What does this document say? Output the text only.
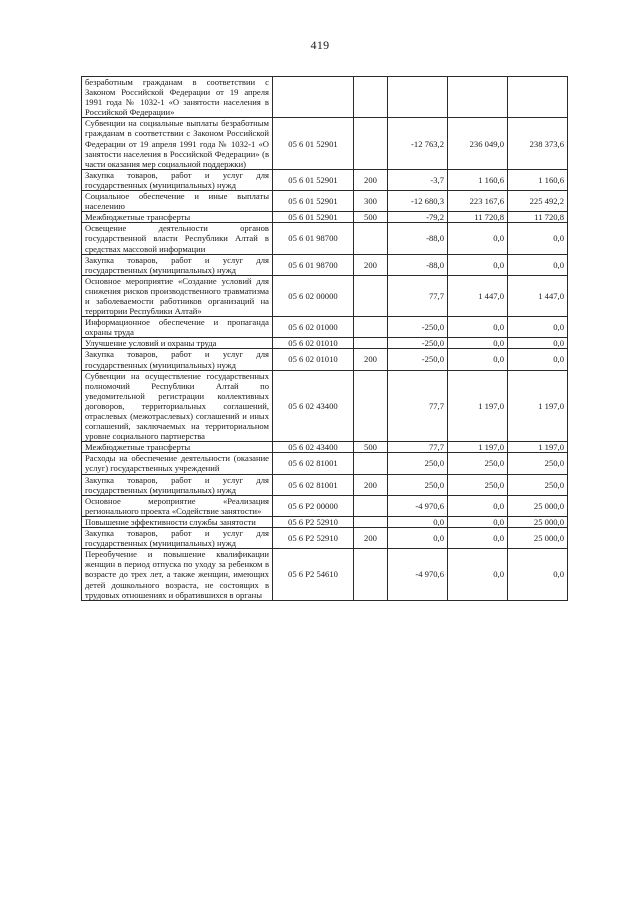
419
безработным гражданам в соответствии с Законом Российской Федерации от 19 апреля 1991 года № 1032-1 «О занятости населения в Российской Федерации»					
Субвенции на социальные выплаты безработным гражданам в соответствии с Законом Российской Федерации от 19 апреля 1991 года № 1032-1 «О занятости населения в Российской Федерации» (в части оказания мер социальной поддержки)	05 6 01 52901		-12 763,2	236 049,0	238 373,6
Закупка товаров, работ и услуг для государственных (муниципальных) нужд	05 6 01 52901	200	-3,7	1 160,6	1 160,6
Социальное обеспечение и иные выплаты населению	05 6 01 52901	300	-12 680,3	223 167,6	225 492,2
Межбюджетные трансферты	05 6 01 52901	500	-79,2	11 720,8	11 720,8
Освещение деятельности органов государственной власти Республики Алтай в средствах массовой информации	05 6 01 98700		-88,0	0,0	0,0
Закупка товаров, работ и услуг для государственных (муниципальных) нужд	05 6 01 98700	200	-88,0	0,0	0,0
Основное мероприятие «Создание условий для снижения рисков производственного травматизма и заболеваемости работников организаций на территории Республики Алтай»	05 6 02 00000		77,7	1 447,0	1 447,0
Информационное обеспечение и пропаганда охраны труда	05 6 02 01000		-250,0	0,0	0,0
Улучшение условий и охраны труда	05 6 02 01010		-250,0	0,0	0,0
Закупка товаров, работ и услуг для государственных (муниципальных) нужд	05 6 02 01010	200	-250,0	0,0	0,0
Субвенции на осуществление государственных полномочий Республики Алтай по уведомительной регистрации коллективных договоров, территориальных соглашений, отраслевых (межотраслевых) соглашений и иных соглашений, заключаемых на территориальном уровне социального партнерства	05 6 02 43400		77,7	1 197,0	1 197,0
Межбюджетные трансферты	05 6 02 43400	500	77,7	1 197,0	1 197,0
Расходы на обеспечение деятельности (оказание услуг) государственных учреждений	05 6 02 81001		250,0	250,0	250,0
Закупка товаров, работ и услуг для государственных (муниципальных) нужд	05 6 02 81001	200	250,0	250,0	250,0
Основное мероприятие «Реализация регионального проекта «Содействие занятости»	05 6 P2 00000		-4 970,6	0,0	25 000,0
Повышение эффективности службы занятости	05 6 P2 52910		0,0	0,0	25 000,0
Закупка товаров, работ и услуг для государственных (муниципальных) нужд	05 6 P2 52910	200	0,0	0,0	25 000,0
Переобучение и повышение квалификации женщин в период отпуска по уходу за ребенком в возрасте до трех лет, а также женщин, имеющих детей дошкольного возраста, не состоящих в трудовых отношениях и обратившихся в органы	05 6 P2 54610		-4 970,6	0,0	0,0
